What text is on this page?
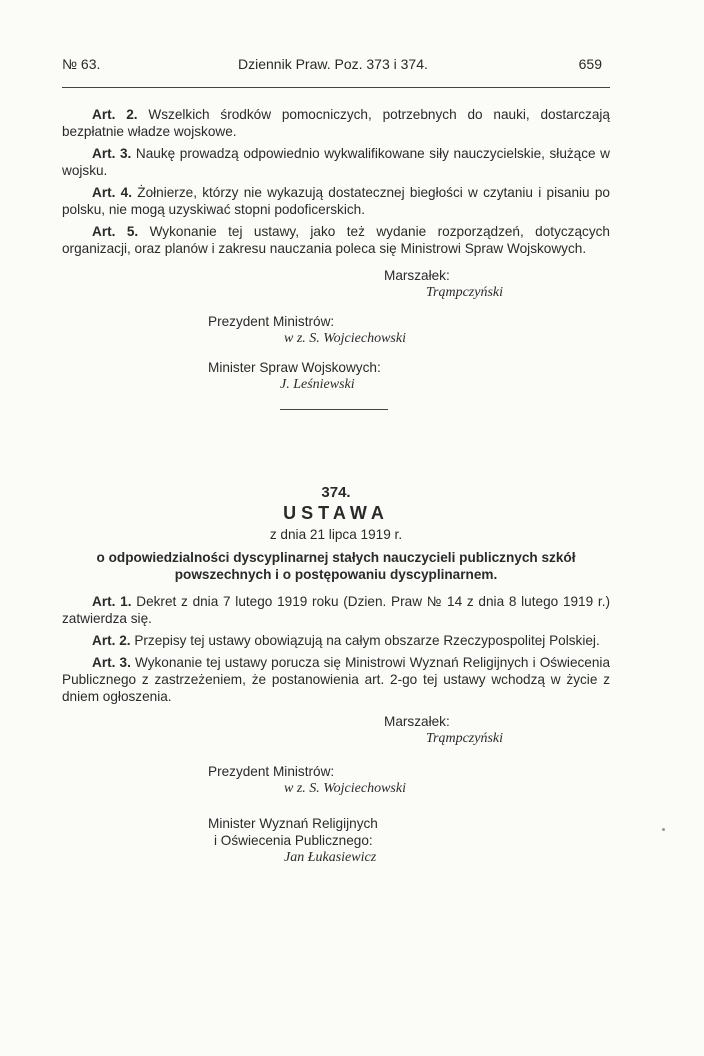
№ 63.	Dziennik Praw. Poz. 373 i 374.	659

Art. 2. Wszelkich środków pomocniczych, potrzebnych do nauki, dostarczają bezpłatnie władze wojskowe.

Art. 3. Naukę prowadzą odpowiednio wykwalifikowane siły nauczycielskie, służące w wojsku.

Art. 4. Żołnierze, którzy nie wykazują dostatecznej biegłości w czytaniu i pisaniu po polsku, nie mogą uzyskiwać stopni podoficerskich.

Art. 5. Wykonanie tej ustawy, jako też wydanie rozporządzeń, dotyczących organizacji, oraz planów i zakresu nauczania poleca się Ministrowi Spraw Wojskowych.

Marszałek:

Trąmpczyński

Prezydent Ministrów:

w z. S. Wojciechowski

Minister Spraw Wojskowych:

J. Leśniewski

374.

USTAWA

z dnia 21 lipca 1919 r.

o odpowiedzialności dyscyplinarnej stałych nauczycieli publicznych szkół powszechnych i o postępowaniu dyscyplinarnem.

Art. 1. Dekret z dnia 7 lutego 1919 roku (Dzien. Praw № 14 z dnia 8 lutego 1919 r.) zatwierdza się.

Art. 2. Przepisy tej ustawy obowiązują na całym obszarze Rzeczypospolitej Polskiej.

Art. 3. Wykonanie tej ustawy porucza się Ministrowi Wyznań Religijnych i Oświecenia Publicznego z zastrzeżeniem, że postanowienia art. 2-go tej ustawy wchodzą w życie z dniem ogłoszenia.

Marszałek:

Trąmpczyński

Prezydent Ministrów:

w z. S. Wojciechowski

Minister Wyznań Religijnych

i Oświecenia Publicznego:

Jan Łukasiewicz
